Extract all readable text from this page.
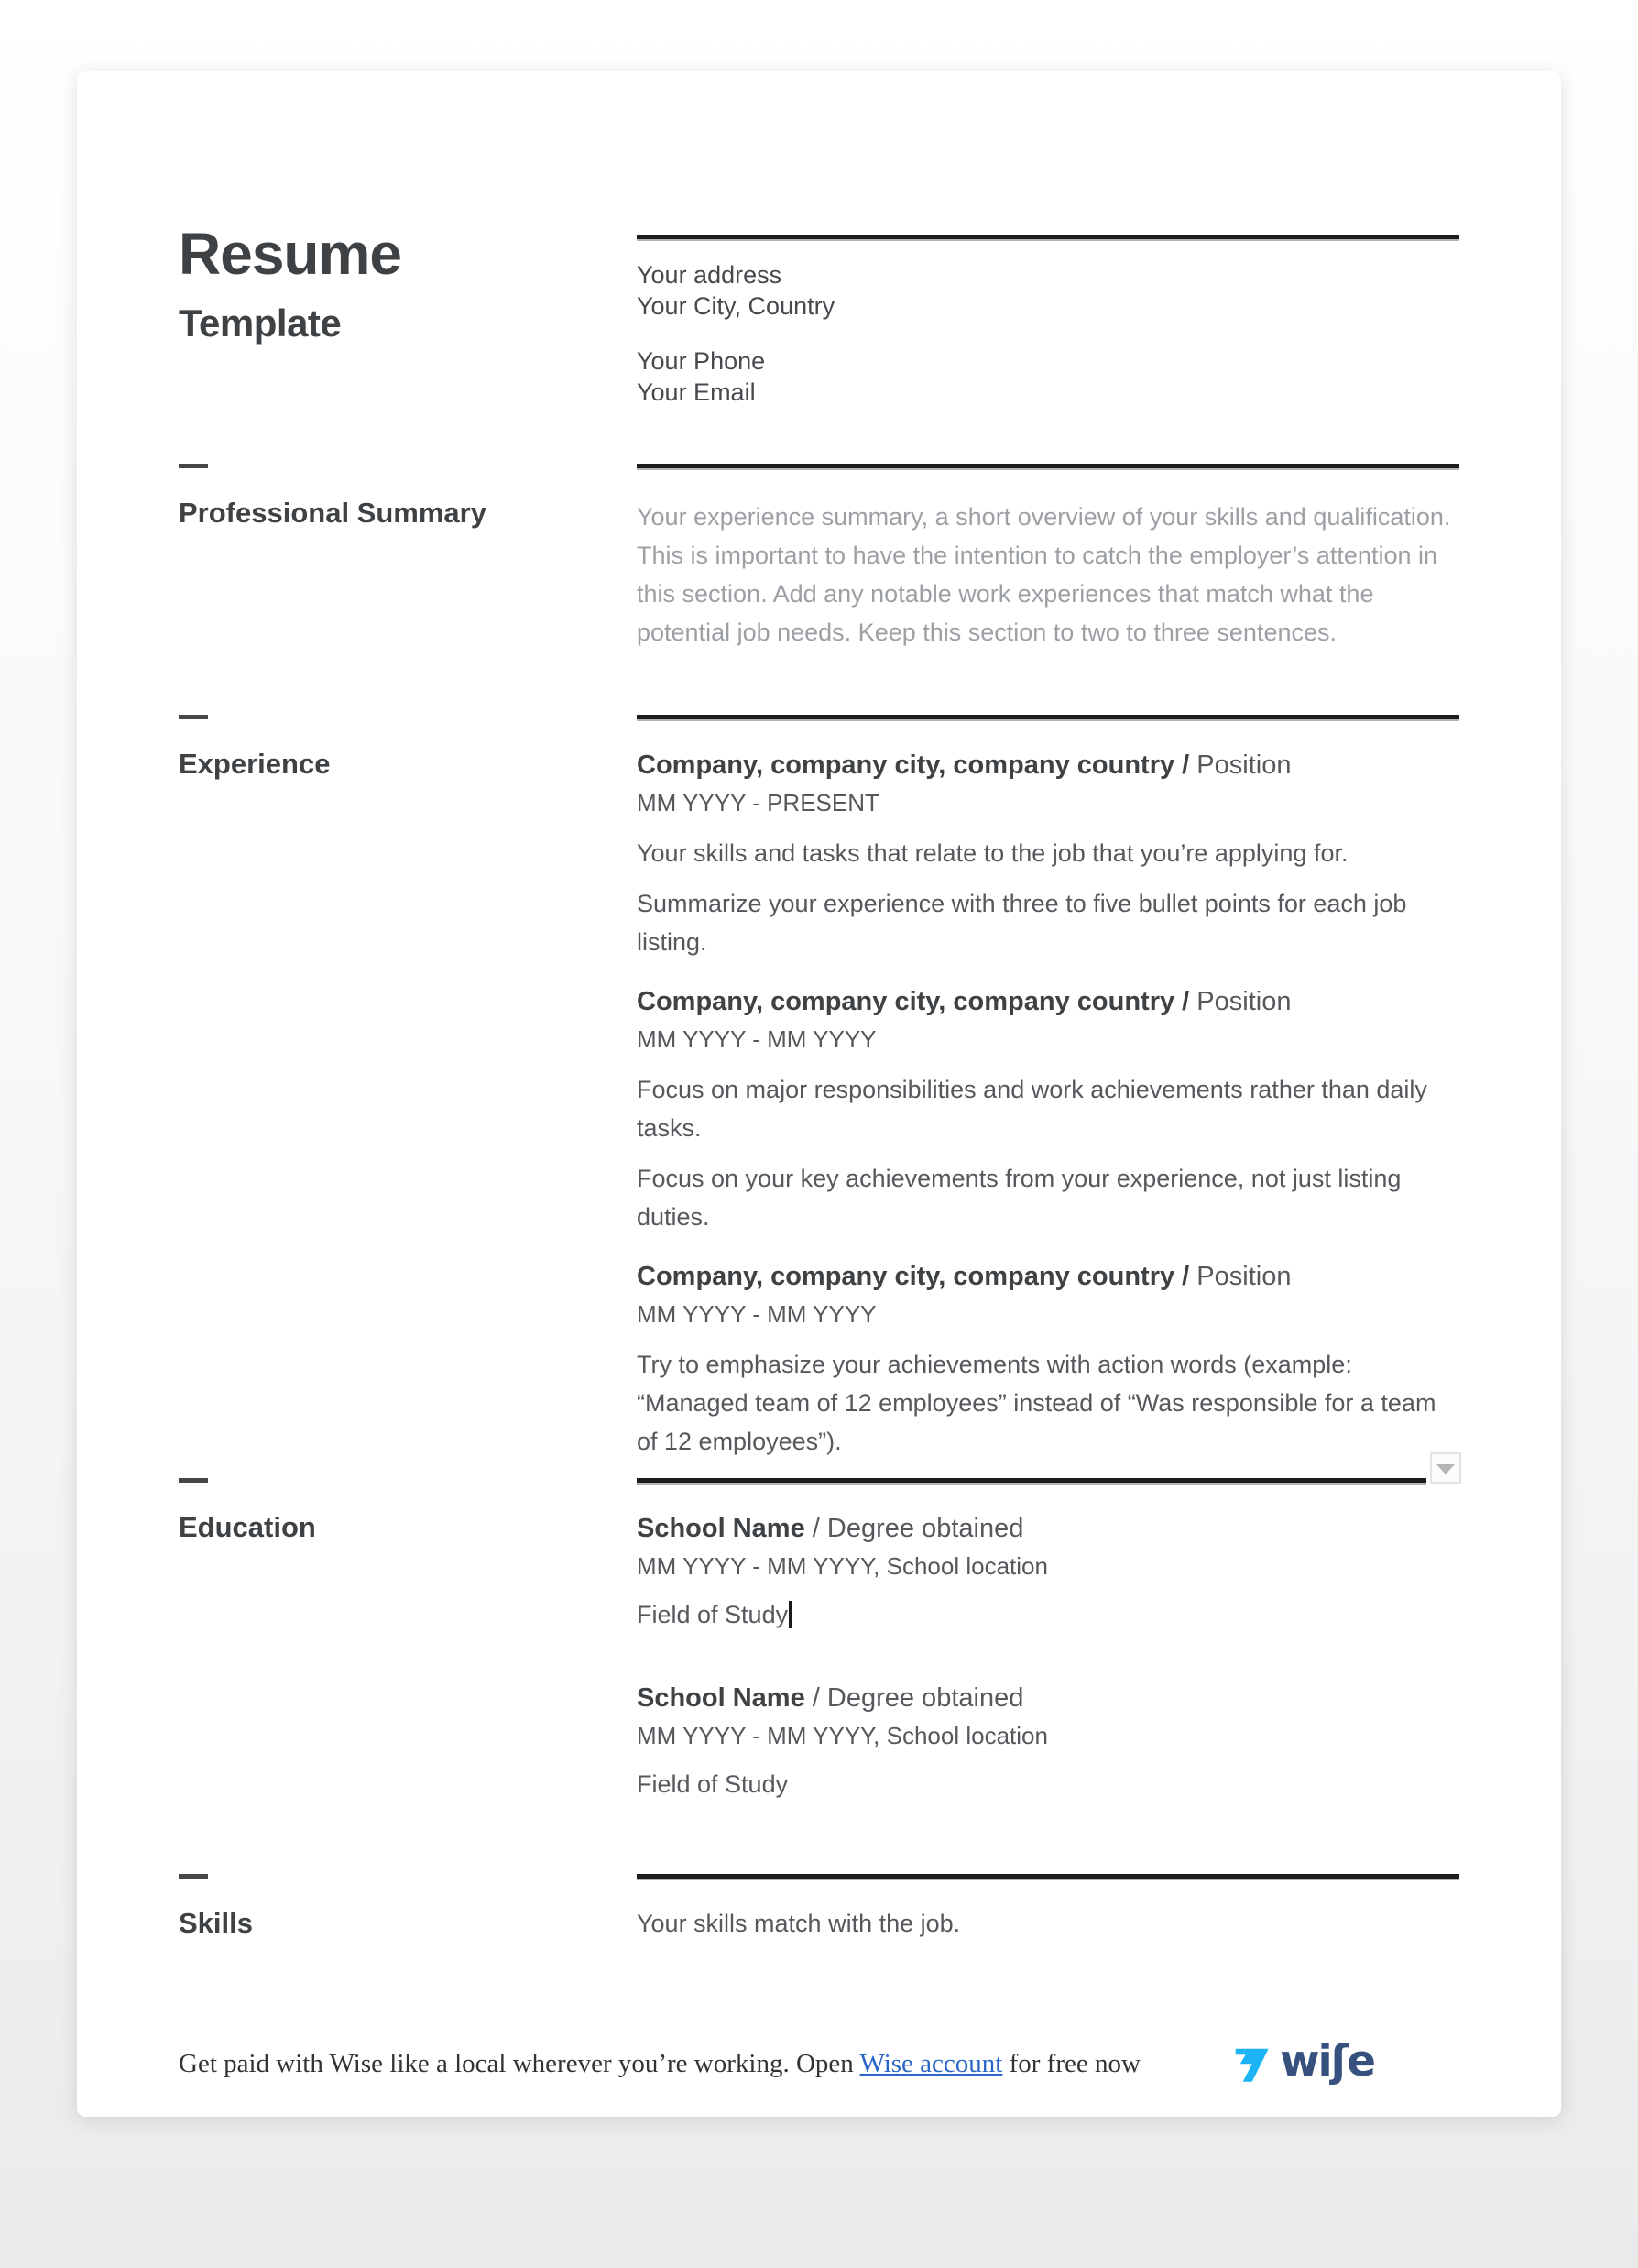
Resume
Template
Your address
Your City, Country
Your Phone
Your Email
Professional Summary	Your experience summary, a short overview of your skills and qualification. This is important to have the intention to catch the employer’s attention in this section. Add any notable work experiences that match what the potential job needs. Keep this section to two to three sentences.

Experience	Company, company city, company country / Position
MM YYYY - PRESENT

Your skills and tasks that relate to the job that you’re applying for.

Summarize your experience with three to five bullet points for each job listing.

Company, company city, company country / Position
MM YYYY - MM YYYY

Focus on major responsibilities and work achievements rather than daily tasks.

Focus on your key achievements from your experience, not just listing duties.

Company, company city, company country / Position
MM YYYY - MM YYYY

Try to emphasize your achievements with action words (example: “Managed team of 12 employees” instead of “Was responsible for a team of 12 employees”).

Education	School Name / Degree obtained
MM YYYY - MM YYYY, School location
Field of Study
School Name / Degree obtained
MM YYYY - MM YYYY, School location
Field of Study
Skills	Your skills match with the job.
Get paid with Wise like a local wherever you’re working. Open Wise account for free now	wiʃe
